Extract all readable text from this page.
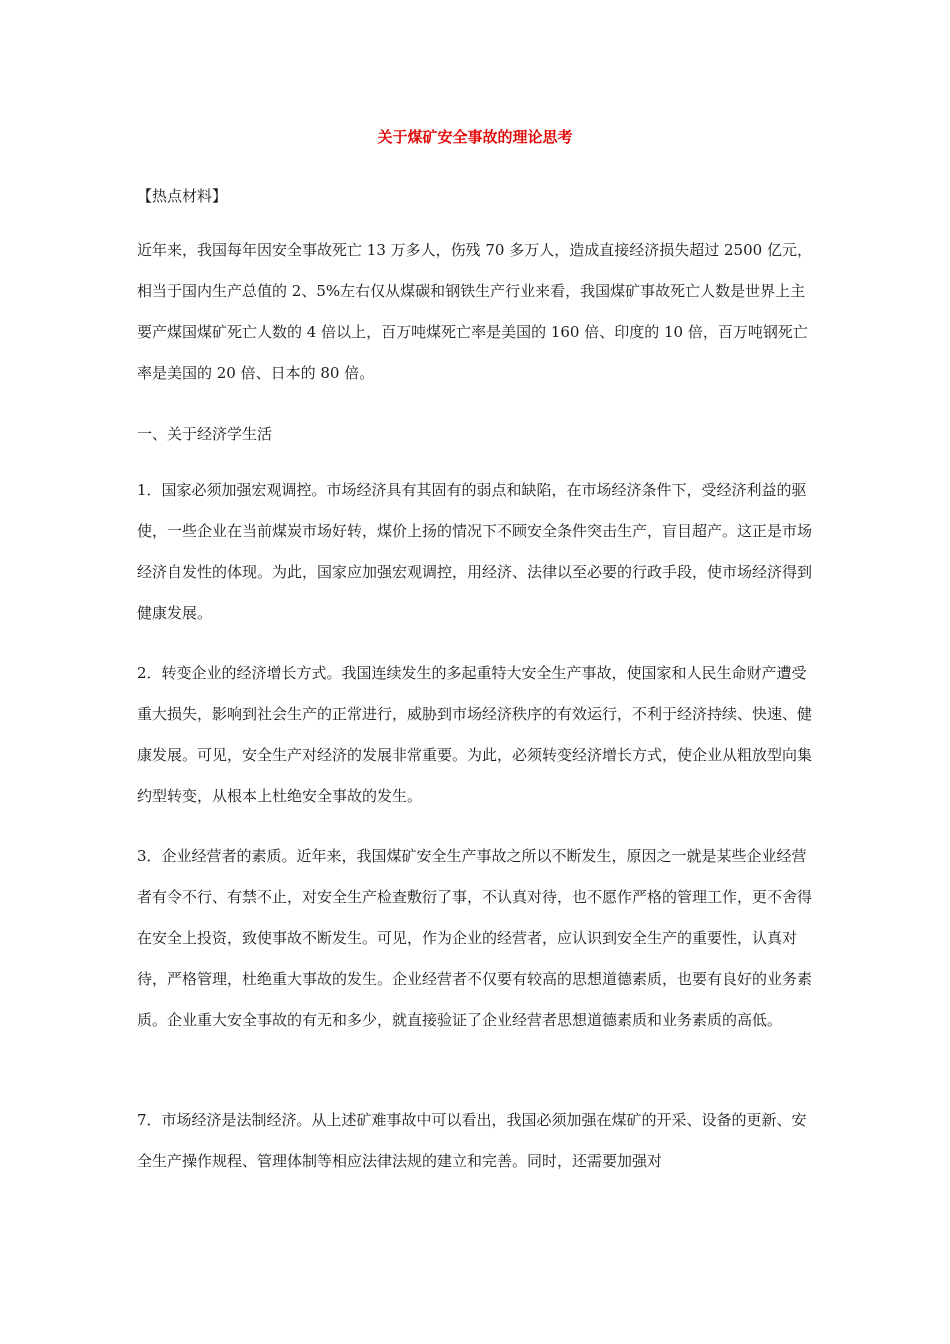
关于煤矿安全事故的理论思考

【热点材料】

近年来，我国每年因安全事故死亡 13 万多人，伤残 70 多万人，造成直接经济损失超过 2500 亿元，相当于国内生产总值的 2、5%左右仅从煤碳和钢铁生产行业来看，我国煤矿事故死亡人数是世界上主要产煤国煤矿死亡人数的 4 倍以上，百万吨煤死亡率是美国的 160 倍、印度的 10 倍，百万吨钢死亡率是美国的 20 倍、日本的 80 倍。

一、关于经济学生活

1．国家必须加强宏观调控。市场经济具有其固有的弱点和缺陷，在市场经济条件下，受经济利益的驱使，一些企业在当前煤炭市场好转，煤价上扬的情况下不顾安全条件突击生产，盲目超产。这正是市场经济自发性的体现。为此，国家应加强宏观调控，用经济、法律以至必要的行政手段，使市场经济得到健康发展。

2．转变企业的经济增长方式。我国连续发生的多起重特大安全生产事故，使国家和人民生命财产遭受重大损失，影响到社会生产的正常进行，威胁到市场经济秩序的有效运行，不利于经济持续、快速、健康发展。可见，安全生产对经济的发展非常重要。为此，必须转变经济增长方式，使企业从粗放型向集约型转变，从根本上杜绝安全事故的发生。

3．企业经营者的素质。近年来，我国煤矿安全生产事故之所以不断发生，原因之一就是某些企业经营者有令不行、有禁不止，对安全生产检查敷衍了事，不认真对待，也不愿作严格的管理工作，更不舍得在安全上投资，致使事故不断发生。可见，作为企业的经营者，应认识到安全生产的重要性，认真对待，严格管理，杜绝重大事故的发生。企业经营者不仅要有较高的思想道德素质，也要有良好的业务素质。企业重大安全事故的有无和多少，就直接验证了企业经营者思想道德素质和业务素质的高低。

7．市场经济是法制经济。从上述矿难事故中可以看出，我国必须加强在煤矿的开采、设备的更新、安全生产操作规程、管理体制等相应法律法规的建立和完善。同时，还需要加强对
